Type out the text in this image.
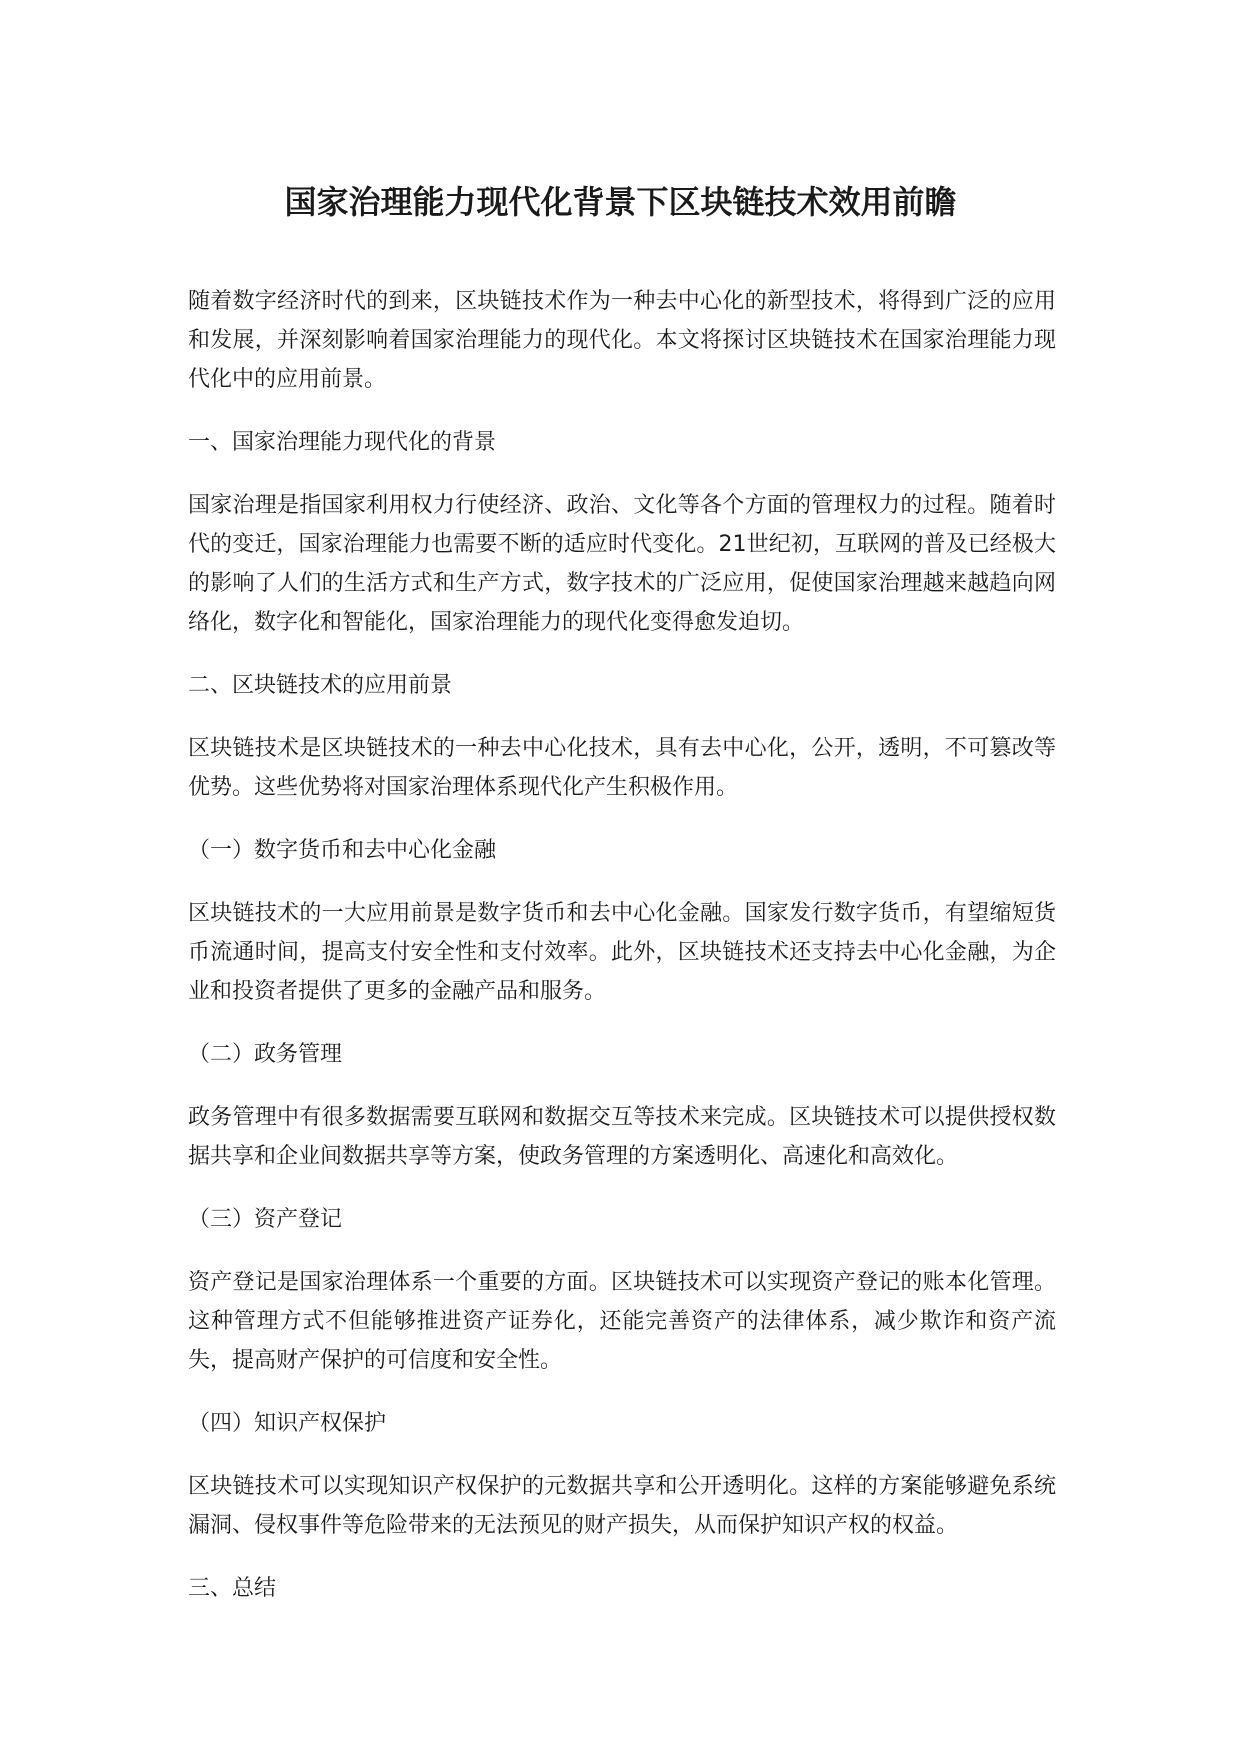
国家治理能力现代化背景下区块链技术效用前瞻

随着数字经济时代的到来，区块链技术作为一种去中心化的新型技术，将得到广泛的应用和发展，并深刻影响着国家治理能力的现代化。本文将探讨区块链技术在国家治理能力现代化中的应用前景。

一、国家治理能力现代化的背景

国家治理是指国家利用权力行使经济、政治、文化等各个方面的管理权力的过程。随着时代的变迁，国家治理能力也需要不断的适应时代变化。21世纪初，互联网的普及已经极大的影响了人们的生活方式和生产方式，数字技术的广泛应用，促使国家治理越来越趋向网络化，数字化和智能化，国家治理能力的现代化变得愈发迫切。

二、区块链技术的应用前景

区块链技术是区块链技术的一种去中心化技术，具有去中心化，公开，透明，不可篡改等优势。这些优势将对国家治理体系现代化产生积极作用。

（一）数字货币和去中心化金融

区块链技术的一大应用前景是数字货币和去中心化金融。国家发行数字货币，有望缩短货币流通时间，提高支付安全性和支付效率。此外，区块链技术还支持去中心化金融，为企业和投资者提供了更多的金融产品和服务。

（二）政务管理

政务管理中有很多数据需要互联网和数据交互等技术来完成。区块链技术可以提供授权数据共享和企业间数据共享等方案，使政务管理的方案透明化、高速化和高效化。

（三）资产登记

资产登记是国家治理体系一个重要的方面。区块链技术可以实现资产登记的账本化管理。这种管理方式不但能够推进资产证券化，还能完善资产的法律体系，减少欺诈和资产流失，提高财产保护的可信度和安全性。

（四）知识产权保护

区块链技术可以实现知识产权保护的元数据共享和公开透明化。这样的方案能够避免系统漏洞、侵权事件等危险带来的无法预见的财产损失，从而保护知识产权的权益。

三、总结
